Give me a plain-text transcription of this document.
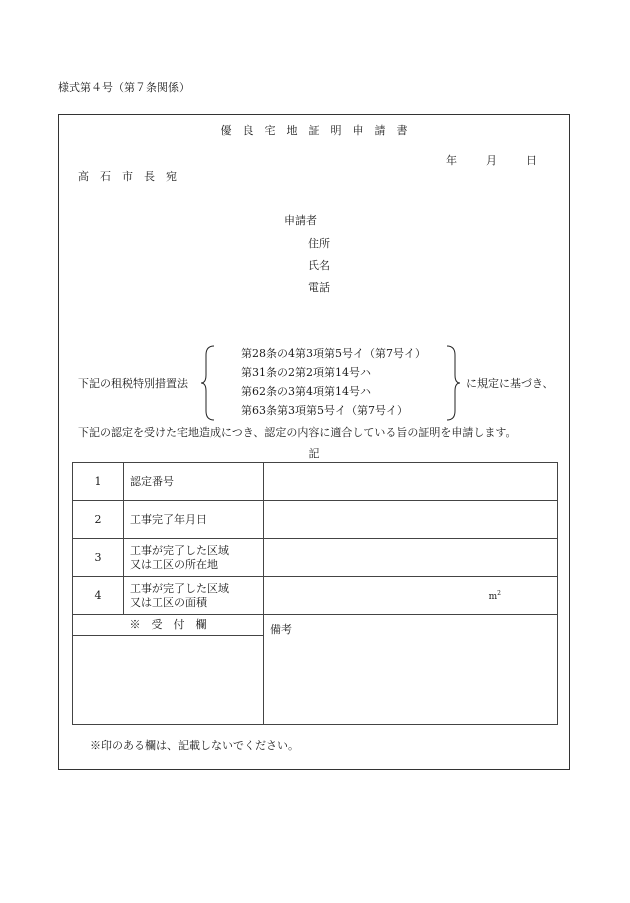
様式第４号（第７条関係）
優　良　宅　地　証　明　申　請　書
年	月	日
高　石　市　長　宛
申請者
住所
氏名
電話
下記の租税特別措置法
第28条の4第3項第5号イ（第7号イ）
第31条の2第2項第14号ハ
第62条の3第4項第14号ハ
第63条第3項第5号イ（第7号イ）
に規定に基づき、
下記の認定を受けた宅地造成につき、認定の内容に適合している旨の証明を申請します。
記
1	認定番号	
2	工事完了年月日	
3	工事が完了した区域
又は工区の所在地	

4	工事が完了した区域
又は工区の面積	$m^2$

※　受　付　欄		備考
※印のある欄は、記載しないでください。
